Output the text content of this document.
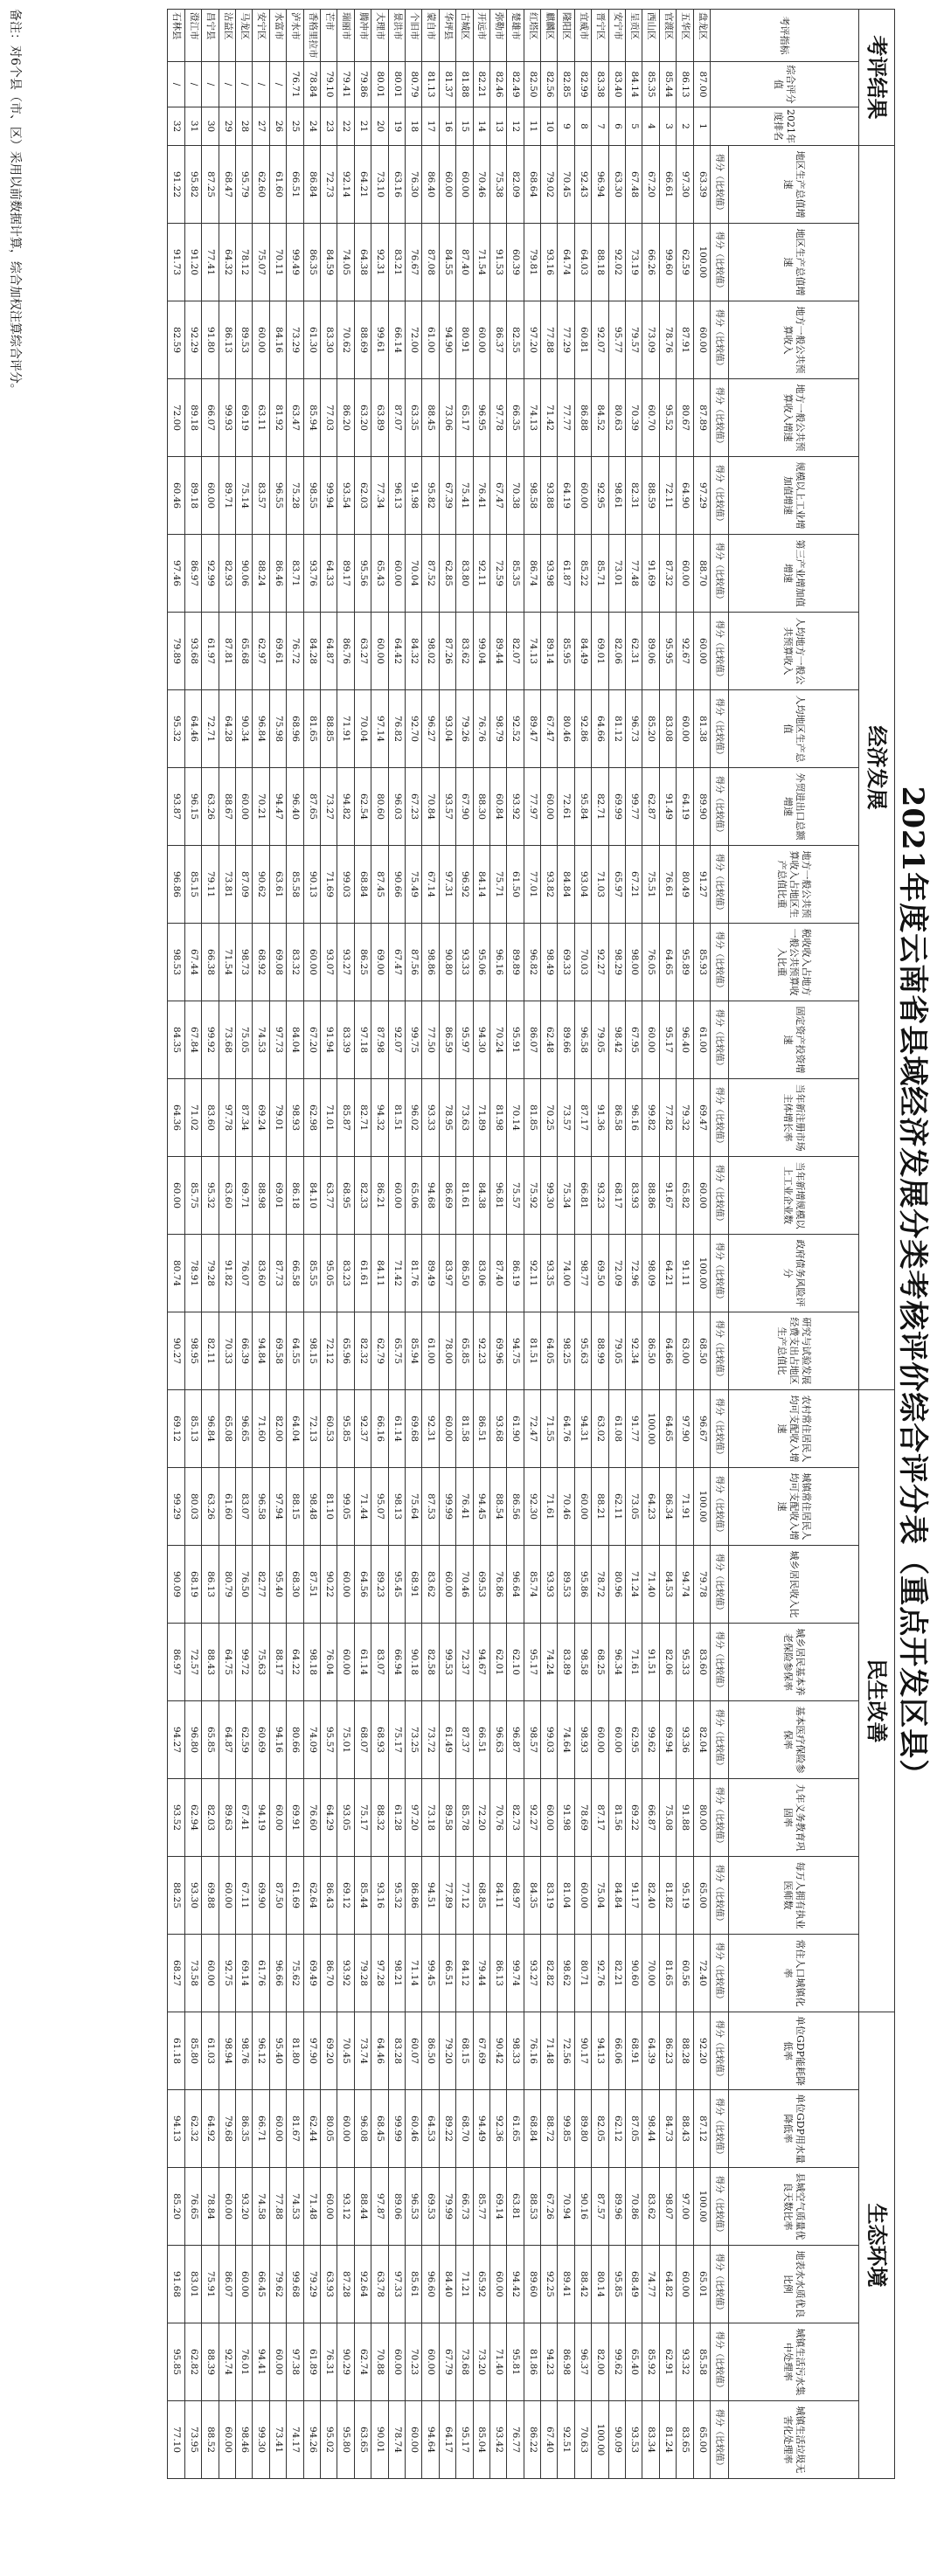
2021年度云南省县域经济发展分类考核评价综合评分表（重点开发区县）
考评结果			经济发展																民生改善								生态环境					
考评指标	综合评分值	2021年度排名	地区生产总值增速	地区生产总值增速	地方一般公共预算收入	地方一般公共预算收入增速	规模以上工业增加值增速	第三产业增加值增速	人均地方一般公共预算收入	人均地区生产总值	外贸进出口总额增速	地方一般公共预算收入占地区生产总值比重	税收收入占地方一般公共预算收入比重	固定资产投资增速	当年新注册市场主体增长率	当年新增规模以上工业企业数	政府债务风险评分	研究与试验发展经费支出占地区生产总值比	农村常住居民人均可支配收入增速	城镇常住居民人均可支配收入增速	城乡居民收入比	城乡居民基本养老保险参保率	基本医疗保险参保率	九年义务教育巩固率	每万人拥有执业医师数	常住人口城镇化率	单位GDP能耗降低率	单位GDP用水量降低率	县城空气质量优良天数比率	地表水水质优良比例	城镇生活污水集中处理率	城镇生活垃圾无害化处理率
			得分（比较值）	得分（比较值）	得分（比较值）	得分（比较值）	得分（比较值）	得分（比较值）	得分（比较值）	得分（比较值）	得分（比较值）	得分（比较值）	得分（比较值）	得分（比较值）	得分（比较值）	得分（比较值）	得分（比较值）	得分（比较值）	得分（比较值）	得分（比较值）	得分（比较值）	得分（比较值）	得分（比较值）	得分（比较值）	得分（比较值）	得分（比较值）	得分（比较值）	得分（比较值）	得分（比较值）	得分（比较值）	得分（比较值）	得分（比较值）
盘龙区	87.00	1	63.39	100.00	60.00	87.89	97.29	88.70	60.00	81.38	89.90	91.27	85.93	61.00	69.47	60.00	100.00	68.50	96.67	100.00	79.78	83.60	82.04	80.00	65.00	72.40	92.20	87.12	100.00	65.01	85.58	65.00
五华区	86.13	2	97.30	62.59	87.91	80.67	64.90	60.00	92.67	60.00	64.19	80.49	95.89	96.40	79.32	65.82	91.11	63.00	97.90	71.91	94.74	95.33	93.36	91.88	95.19	60.56	88.28	88.43	97.00	60.00	93.32	83.65
官渡区	85.44	3	66.61	99.60	78.76	95.52	72.11	87.32	95.95	83.08	91.49	76.61	64.65	95.17	77.82	91.67	64.21	64.66	64.65	86.34	84.53	82.06	69.94	75.08	81.82	81.65	86.23	84.73	98.07	64.82	62.91	81.24
西山区	85.35	4	67.20	66.26	73.09	60.70	88.59	91.69	89.06	85.20	62.87	75.51	76.05	60.00	99.82	88.86	98.09	86.50	100.00	64.23	71.40	91.51	99.62	66.87	82.40	70.00	64.39	98.44	83.62	74.77	85.92	83.34
呈贡区	84.14	5	67.48	73.19	79.57	70.39	82.31	77.48	62.31	96.73	99.77	67.21	98.00	67.95	96.16	83.93	72.96	92.34	91.77	73.05	71.24	71.61	62.95	69.22	91.17	90.60	68.91	87.05	70.86	68.49	65.40	93.53
安宁市	83.40	6	63.30	92.02	95.77	80.63	98.61	73.01	82.06	81.12	69.99	65.97	98.29	98.42	86.58	68.17	72.09	79.05	61.08	62.11	80.96	96.34	60.00	81.56	84.84	82.21	66.06	62.12	89.96	95.85	99.62	90.09
晋宁区	83.38	7	96.94	88.18	92.07	84.52	92.95	85.71	69.01	64.66	82.71	71.03	92.27	79.05	91.36	93.23	69.50	88.99	63.02	88.21	78.72	68.25	60.00	87.17	75.04	92.76	94.13	82.05	87.57	80.14	82.00	100.00
宜威市	82.99	8	92.43	64.03	60.81	86.88	60.00	85.22	84.49	92.86	95.84	93.04	70.03	96.58	87.17	66.81	98.77	95.63	94.31	60.00	95.86	98.58	98.93	78.69	60.00	80.71	90.17	89.80	90.16	88.42	96.37	70.63
隆阳区	82.85	9	70.45	64.74	77.29	77.77	64.19	61.87	85.95	80.46	72.61	84.84	69.33	89.66	73.57	75.34	74.00	98.25	64.76	70.46	89.53	83.89	74.64	91.98	81.04	98.62	72.56	99.85	70.94	89.41	86.98	92.51
麒麟区	82.56	10	79.02	93.16	77.88	71.42	93.88	93.98	89.14	67.47	60.00	93.82	98.49	62.48	70.25	99.30	93.35	64.05	71.55	71.61	93.93	74.24	99.03	60.00	83.19	82.82	71.48	88.72	67.26	92.25	94.23	67.40
红塔区	82.50	11	68.64	79.81	97.20	74.13	98.58	86.74	74.13	89.47	77.97	77.01	96.82	86.07	81.85	75.92	92.11	81.51	72.47	92.30	85.74	95.17	98.57	92.27	84.35	93.27	76.16	68.84	88.53	89.60	81.86	86.22
楚雄市	82.49	12	82.09	60.39	82.55	66.35	70.38	85.35	82.07	92.52	93.92	61.50	89.89	95.91	70.14	75.57	86.19	94.75	61.90	86.56	96.64	62.10	96.87	82.73	68.97	99.74	98.33	61.65	63.81	94.42	95.81	76.77
弥勒市	82.46	13	75.38	91.53	86.37	97.78	67.47	72.59	89.44	98.79	60.84	75.71	96.16	70.24	81.98	96.81	87.40	69.96	93.68	88.54	76.86	62.01	96.63	70.76	84.11	86.13	90.42	92.36	69.14	60.00	71.40	93.42
开远市	82.21	14	70.46	71.54	60.00	96.95	76.41	92.11	99.04	76.76	88.30	84.14	95.06	94.30	71.89	84.38	83.06	92.23	86.51	94.45	69.53	94.67	66.51	72.20	68.85	79.44	67.69	94.49	85.77	65.92	73.20	85.04
古城区	81.88	15	60.00	87.40	80.91	65.17	75.41	83.80	83.62	79.26	67.90	96.92	93.33	95.97	73.63	81.61	86.50	65.85	81.58	76.41	70.46	72.37	87.37	85.78	77.12	84.12	68.15	68.70	66.73	71.21	73.68	95.17
华坪县	81.37	16	60.00	84.55	94.90	73.06	67.39	62.85	87.26	93.04	93.57	97.31	90.80	86.59	78.95	86.69	83.97	78.00	60.00	99.99	60.00	99.53	61.49	89.58	77.89	66.51	79.20	89.22	79.99	84.40	67.79	64.17
蒙自市	81.13	17	86.40	87.08	61.00	88.45	95.82	87.52	98.02	96.27	70.84	67.14	98.86	77.50	93.33	94.68	89.49	61.00	92.31	87.53	83.62	82.58	73.72	73.18	94.51	99.45	86.50	64.53	69.53	96.60	60.00	94.64
个旧市	80.79	18	76.30	76.67	72.00	63.35	91.98	70.04	84.32	92.70	67.23	75.49	87.56	99.75	96.02	65.06	81.76	85.94	69.68	75.64	68.91	90.18	73.25	97.20	86.86	71.14	60.07	60.46	96.53	85.61	70.23	60.00
景洪市	80.01	19	63.16	83.21	66.14	87.07	96.13	60.00	64.42	76.82	96.03	90.66	67.47	92.07	81.51	60.00	71.42	65.75	61.14	98.13	95.45	66.94	75.17	61.28	95.32	98.21	83.28	99.99	89.06	97.33	60.00	78.74
大理市	80.01	20	73.10	92.31	99.61	63.89	77.34	65.43	60.00	97.14	80.60	87.45	69.00	87.98	94.32	86.21	84.11	62.79	66.16	95.07	89.23	83.07	68.93	88.32	93.16	97.28	64.46	68.45	97.87	63.78	70.88	90.01
腾冲市	79.86	21	64.21	64.38	88.69	63.20	62.03	95.56	63.27	70.04	62.54	68.84	86.25	97.18	82.71	82.33	61.61	82.32	92.37	71.44	64.56	61.14	68.07	75.17	85.44	79.28	73.74	96.08	88.44	92.64	62.74	63.65
瑞丽市	79.41	22	92.14	74.05	70.62	86.20	93.54	89.17	86.76	71.91	94.82	99.03	93.27	83.39	85.87	68.95	83.23	65.96	95.85	99.05	60.00	60.00	75.01	93.05	69.12	93.92	70.45	60.00	93.12	87.28	90.29	95.80
芒市	79.10	23	72.73	84.59	83.30	77.03	99.94	64.33	64.87	88.85	73.27	71.69	93.07	91.94	71.01	63.77	95.05	72.12	60.53	81.10	90.22	76.04	95.57	64.29	86.43	86.70	69.20	80.05	60.00	63.93	76.31	95.02
香格里拉市	78.84	24	86.84	86.35	61.30	85.94	98.55	93.76	84.28	81.65	87.65	90.13	60.00	67.20	62.98	84.10	85.55	98.15	72.13	98.48	87.51	98.18	74.09	76.60	62.64	69.49	97.90	62.44	71.48	79.29	61.89	94.26
泸水市	76.71	25	66.51	99.49	73.29	63.47	75.28	83.71	76.72	68.96	96.40	85.58	83.32	84.04	98.93	86.18	66.58	64.55	64.04	88.15	68.30	64.22	80.66	69.91	61.69	75.62	81.80	81.67	74.53	99.68	97.38	74.17
水富市	/	26	61.60	70.11	84.16	81.92	96.55	86.46	69.61	75.98	94.47	63.61	69.08	97.73	79.01	69.01	87.73	69.58	82.00	97.94	95.40	88.17	94.16	60.00	87.50	96.66	95.40	60.00	77.88	79.62	60.00	73.41
安宁区	/	27	62.60	75.07	60.00	63.11	83.57	88.24	62.97	96.84	70.21	90.62	68.92	74.53	69.24	88.98	83.60	94.84	71.60	96.58	82.77	75.63	60.69	94.19	69.90	61.76	96.12	66.71	74.58	66.45	94.41	99.30
马龙区	/	28	95.79	78.12	89.53	69.19	75.14	90.06	65.68	90.34	60.00	87.09	98.73	75.05	87.34	69.71	76.07	66.39	96.65	83.07	76.50	99.72	62.59	67.41	67.11	69.14	98.76	86.35	93.20	60.00	76.01	98.46
沾益区	/	29	68.47	64.32	86.13	99.93	89.71	82.93	87.81	64.28	88.67	73.81	71.54	73.68	97.78	63.60	91.82	70.33	65.08	61.60	80.79	64.75	64.87	89.63	60.00	92.75	98.94	79.68	60.00	86.07	92.74	60.00
昌宁县	/	30	87.25	77.41	91.80	66.07	60.00	92.99	61.97	72.71	63.26	79.11	66.38	99.92	83.60	95.32	79.28	82.11	96.84	63.26	86.13	88.43	65.85	82.03	69.88	60.00	61.03	64.92	78.84	75.91	88.39	88.52
澄江市	/	31	95.82	91.20	92.29	89.18	89.18	86.97	93.68	64.46	96.15	85.15	67.44	67.84	71.02	85.75	78.91	98.95	85.13	80.03	68.19	72.57	96.80	62.94	93.30	73.58	85.80	62.32	76.65	83.01	62.82	73.95
石林县	/	32	91.22	91.73	82.59	72.00	60.46	97.46	79.89	95.32	93.87	96.86	98.53	84.35	64.36	60.00	80.74	90.27	69.12	99.29	90.09	86.97	94.27	93.52	88.25	68.27	61.18	94.13	85.20	91.68	95.85	77.10
备注：对6个县（市、区）采用以前数据计算，综合加权注算综合评分。
